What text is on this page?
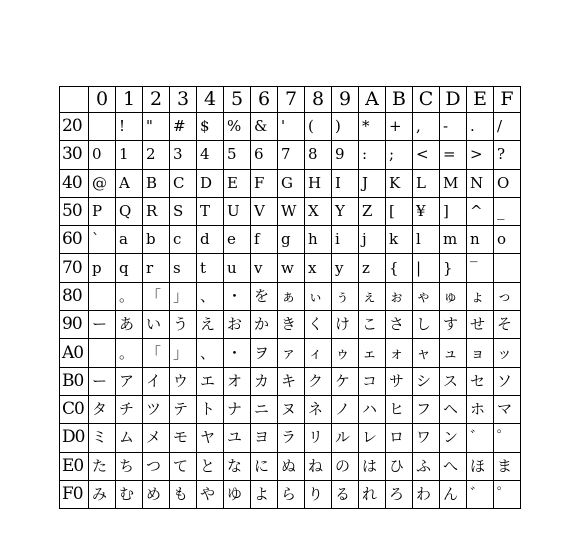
0 1 2 3 4 5 6 7 8 9 A B C D E F
20	!	"	# $	% & '	(	)	*	+ ,	-	.	/
30 0	1	2	3	4	5	6	7	8	9	:	;	< = > ?
40 @ A	B	C	D E	F	G	H I	J	K	L	M N O
50 P	Q R	S	T	U V	W X	Y	Z	[	¥	]	^ _
60 `	a	b	c	d	e	f	g	h	i	j	k	l	m n	o
70 p	q	r	s	t	u	v	w x	y	z	{	|	}	‾
80	。 「 」 、 ・ を ぁ ぃ ぅ ぇ ぉ ゃ ゅ ょ っ
90 ー あ い う え お か き く け こ さ し す せ そ
A0	。 「 」 、 ・ ヲ ァ ィ ゥ ェ ォ ャ ュ ョ ッ
B0 ー ア イ ウ エ オ カ キ ク ケ コ サ シ ス セ ソ
C0 タ チ ツ テ ト ナ ニ ヌ ネ ノ ハ ヒ フ ヘ ホ マ
D0 ミ ム メ モ ヤ ユ ヨ ラ リ ル レ ロ ワ ン ゛ ゜
E0 た ち つ て と な に ぬ ね の は ひ ふ へ ほ ま
F0 み む め も や ゆ よ ら り る れ ろ わ ん ゛ ゜
